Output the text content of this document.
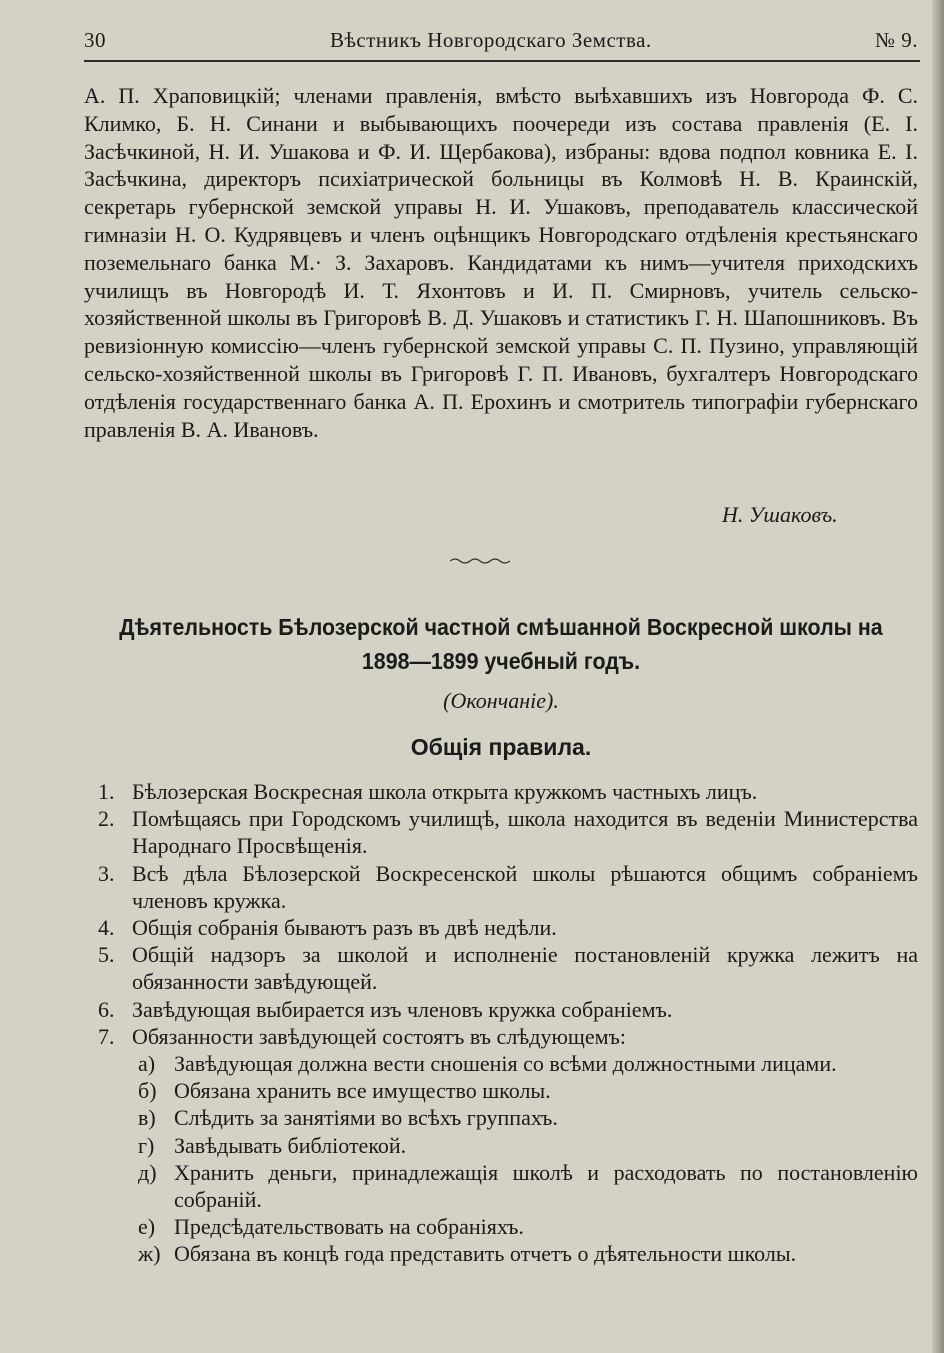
30	Вѣстникъ Новгородскаго Земства.	№ 9.
А. П. Храповицкій; членами правленія, вмѣсто выѣхавшихъ изъ Новгорода Ф. С. Климко, Б. Н. Синани и выбывающихъ поочереди изъ состава правленія (Е. І. Засѣчкиной, Н. И. Ушакова и Ф. И. Щербакова), избраны: вдова подпол ковника Е. І. Засѣчкина, директоръ психіатрической больницы въ Колмовѣ Н. В. Краинскій, секретарь губернской земской управы Н. И. Ушаковъ, преподаватель классической гимназіи Н. О. Кудрявцевъ и членъ оцѣнщикъ Новгородскаго отдѣленія крестьянскаго поземельнаго банка М.· З. Захаровъ. Кандидатами къ нимъ—учителя приходскихъ училищъ въ Новгородѣ И. Т. Яхонтовъ и И. П. Смирновъ, учитель сельско-хозяйственной школы въ Григоровѣ В. Д. Ушаковъ и статистикъ Г. Н. Шапошниковъ. Въ ревизіонную комиссію—членъ губернской земской управы С. П. Пузино, управляющій сельско-хозяйственной школы въ Григоровѣ Г. П. Ивановъ, бухгалтеръ Новгородскаго отдѣленія государственнаго банка А. П. Ерохинъ и смотритель типографіи губернскаго правленія В. А. Ивановъ.
Н. Ушаковъ.
Дѣятельность Бѣлозерской частной смѣшанной Воскресной школы на 1898—1899 учебный годъ.
(Окончаніе).
Общія правила.
1. Бѣлозерская Воскресная школа открыта кружкомъ частныхъ лицъ.
2. Помѣщаясь при Городскомъ училищѣ, школа находится въ веденіи Министерства Народнаго Просвѣщенія.
3. Всѣ дѣла Бѣлозерской Воскресенской школы рѣшаются общимъ собраніемъ членовъ кружка.
4. Общія собранія бываютъ разъ въ двѣ недѣли.
5. Общій надзоръ за школой и исполненіе постановленій кружка лежитъ на обязанности завѣдующей.
6. Завѣдующая выбирается изъ членовъ кружка собраніемъ.
7. Обязанности завѣдующей состоятъ въ слѣдующемъ:
а) Завѣдующая должна вести сношенія со всѣми должностными лицами.
б) Обязана хранить все имущество школы.
в) Слѣдить за занятіями во всѣхъ группахъ.
г) Завѣдывать библіотекой.
д) Хранить деньги, принадлежащія школѣ и расходовать по постановленію собраній.
е) Предсѣдательствовать на собраніяхъ.
ж) Обязана въ концѣ года представить отчетъ о дѣятельности школы.
